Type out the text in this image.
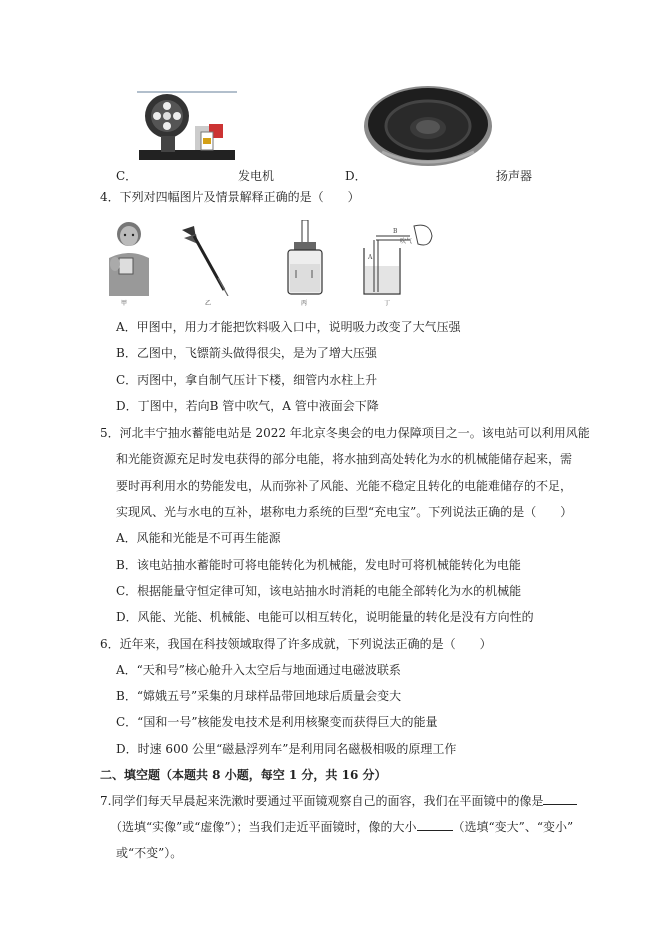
C．	发电机	D．	扬声器
4．下列对四幅图片及情景解释正确的是（　　）
甲	乙	丙
B
A
吹气
丁
A．甲图中，用力才能把饮料吸入口中，说明吸力改变了大气压强
B．乙图中，飞镖箭头做得很尖，是为了增大压强
C．丙图中，拿自制气压计下楼，细管内水柱上升
D．丁图中，若向B 管中吹气，A 管中液面会下降
5．河北丰宁抽水蓄能电站是 2022 年北京冬奥会的电力保障项目之一。该电站可以利用风能
和光能资源充足时发电获得的部分电能，将水抽到高处转化为水的机械能储存起来，需
要时再利用水的势能发电，从而弥补了风能、光能不稳定且转化的电能难储存的不足，
实现风、光与水电的互补，堪称电力系统的巨型“充电宝”。下列说法正确的是（　　）
A．风能和光能是不可再生能源
B．该电站抽水蓄能时可将电能转化为机械能，发电时可将机械能转化为电能
C．根据能量守恒定律可知，该电站抽水时消耗的电能全部转化为水的机械能
D．风能、光能、机械能、电能可以相互转化，说明能量的转化是没有方向性的
6．近年来，我国在科技领域取得了许多成就，下列说法正确的是（　　）
A．“天和号”核心舱升入太空后与地面通过电磁波联系
B．“嫦娥五号”采集的月球样品带回地球后质量会变大
C．“国和一号”核能发电技术是利用核聚变而获得巨大的能量
D．时速 600 公里“磁悬浮列车”是利用同名磁极相吸的原理工作
二、填空题（本题共 8 小题，每空 1 分，共 16 分）
7.同学们每天早晨起来洗漱时要通过平面镜观察自己的面容，我们在平面镜中的像是
（选填“实像”或“虚像”）；当我们走近平面镜时，像的大小	（选填“变大”、“变小”
或“不变”）。
